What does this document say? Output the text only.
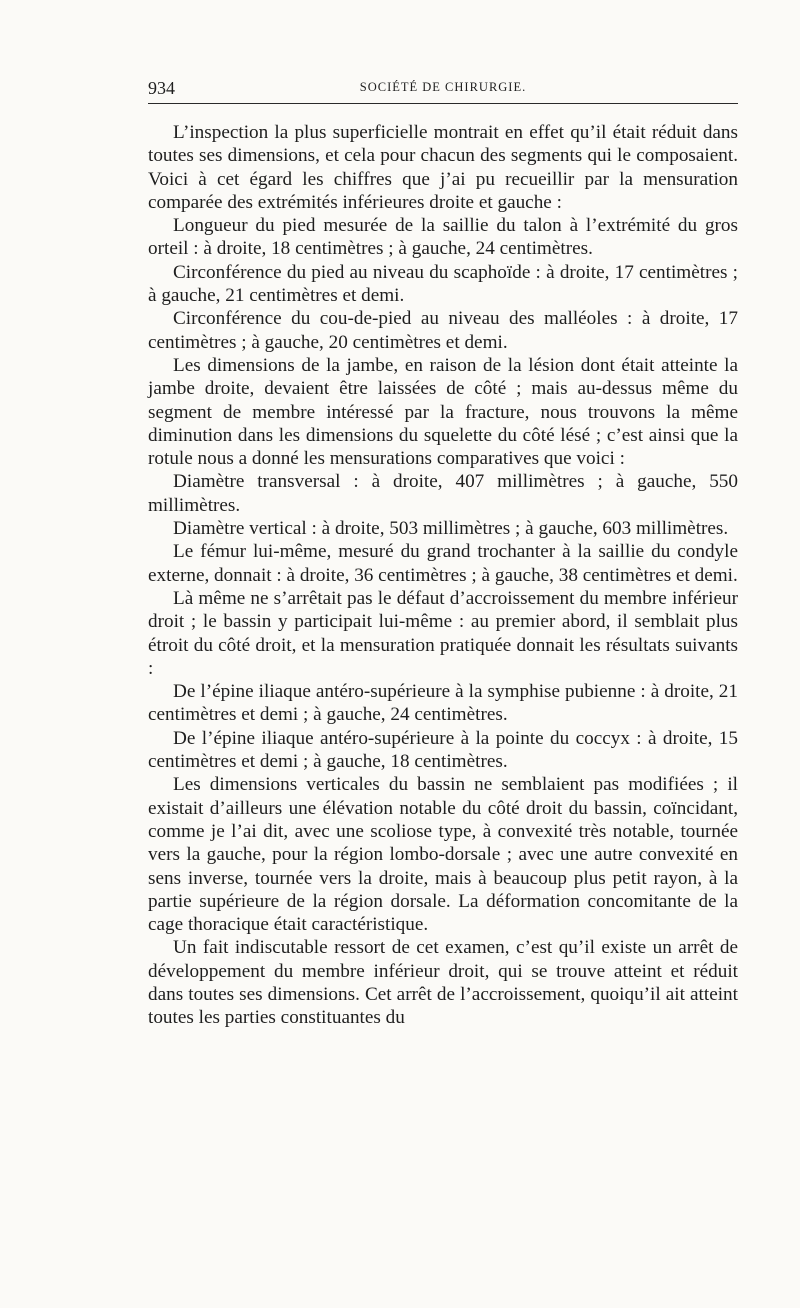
934	SOCIÉTÉ DE CHIRURGIE.

L’inspection la plus superficielle montrait en effet qu’il était réduit dans toutes ses dimensions, et cela pour chacun des segments qui le composaient. Voici à cet égard les chiffres que j’ai pu recueillir par la mensuration comparée des extrémités inférieures droite et gauche :

Longueur du pied mesurée de la saillie du talon à l’extrémité du gros orteil : à droite, 18 centimètres ; à gauche, 24 centimètres.

Circonférence du pied au niveau du scaphoïde : à droite, 17 centimètres ; à gauche, 21 centimètres et demi.

Circonférence du cou-de-pied au niveau des malléoles : à droite, 17 centimètres ; à gauche, 20 centimètres et demi.

Les dimensions de la jambe, en raison de la lésion dont était atteinte la jambe droite, devaient être laissées de côté ; mais au-dessus même du segment de membre intéressé par la fracture, nous trouvons la même diminution dans les dimensions du squelette du côté lésé ; c’est ainsi que la rotule nous a donné les mensurations comparatives que voici :

Diamètre transversal : à droite, 407 millimètres ; à gauche, 550 millimètres.

Diamètre vertical : à droite, 503 millimètres ; à gauche, 603 millimètres.

Le fémur lui-même, mesuré du grand trochanter à la saillie du condyle externe, donnait : à droite, 36 centimètres ; à gauche, 38 centimètres et demi.

Là même ne s’arrêtait pas le défaut d’accroissement du membre inférieur droit ; le bassin y participait lui-même : au premier abord, il semblait plus étroit du côté droit, et la mensuration pratiquée donnait les résultats suivants :

De l’épine iliaque antéro-supérieure à la symphise pubienne : à droite, 21 centimètres et demi ; à gauche, 24 centimètres.

De l’épine iliaque antéro-supérieure à la pointe du coccyx : à droite, 15 centimètres et demi ; à gauche, 18 centimètres.

Les dimensions verticales du bassin ne semblaient pas modifiées ; il existait d’ailleurs une élévation notable du côté droit du bassin, coïncidant, comme je l’ai dit, avec une scoliose type, à convexité très notable, tournée vers la gauche, pour la région lombo-dorsale ; avec une autre convexité en sens inverse, tournée vers la droite, mais à beaucoup plus petit rayon, à la partie supérieure de la région dorsale. La déformation concomitante de la cage thoracique était caractéristique.

Un fait indiscutable ressort de cet examen, c’est qu’il existe un arrêt de développement du membre inférieur droit, qui se trouve atteint et réduit dans toutes ses dimensions. Cet arrêt de l’accroissement, quoiqu’il ait atteint toutes les parties constituantes du
